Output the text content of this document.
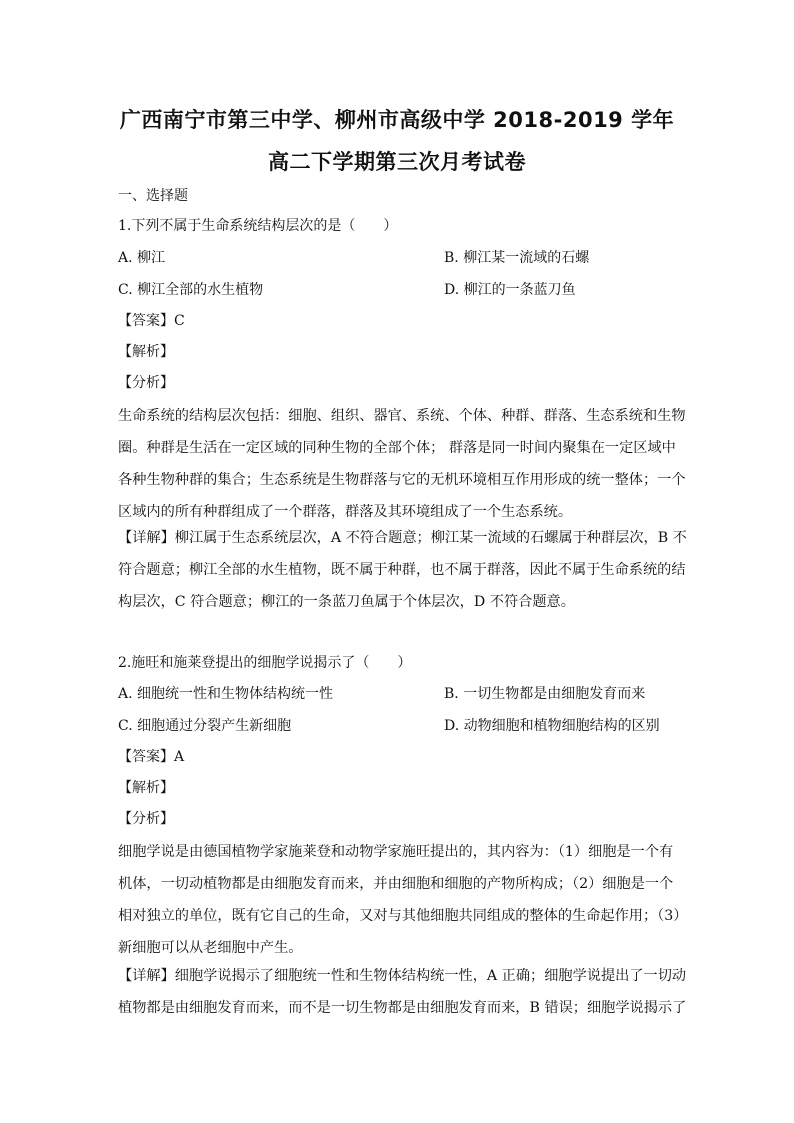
广西南宁市第三中学、柳州市高级中学 2018-2019 学年
高二下学期第三次月考试卷
一、选择题
1.下列不属于生命系统结构层次的是（　　）
A. 柳江	B. 柳江某一流域的石螺
C. 柳江全部的水生植物	D. 柳江的一条蓝刀鱼
【答案】C
【解析】
【分析】
生命系统的结构层次包括：细胞、组织、器官、系统、个体、种群、群落、生态系统和生物
圈。种群是生活在一定区域的同种生物的全部个体； 群落是同一时间内聚集在一定区域中
各种生物种群的集合；生态系统是生物群落与它的无机环境相互作用形成的统一整体；一个
区域内的所有种群组成了一个群落，群落及其环境组成了一个生态系统。
【详解】柳江属于生态系统层次，A 不符合题意；柳江某一流域的石螺属于种群层次，B 不
符合题意；柳江全部的水生植物，既不属于种群，也不属于群落，因此不属于生命系统的结
构层次，C 符合题意；柳江的一条蓝刀鱼属于个体层次，D 不符合题意。
2.施旺和施莱登提出的细胞学说揭示了（　　）
A. 细胞统一性和生物体结构统一性	B. 一切生物都是由细胞发育而来
C. 细胞通过分裂产生新细胞	D. 动物细胞和植物细胞结构的区别
【答案】A
【解析】
【分析】
细胞学说是由德国植物学家施莱登和动物学家施旺提出的，其内容为：（1）细胞是一个有
机体，一切动植物都是由细胞发育而来，并由细胞和细胞的产物所构成；（2）细胞是一个
相对独立的单位，既有它自己的生命，又对与其他细胞共同组成的整体的生命起作用；（3）
新细胞可以从老细胞中产生。
【详解】细胞学说揭示了细胞统一性和生物体结构统一性，A 正确；细胞学说提出了一切动
植物都是由细胞发育而来，而不是一切生物都是由细胞发育而来，B 错误；细胞学说揭示了
